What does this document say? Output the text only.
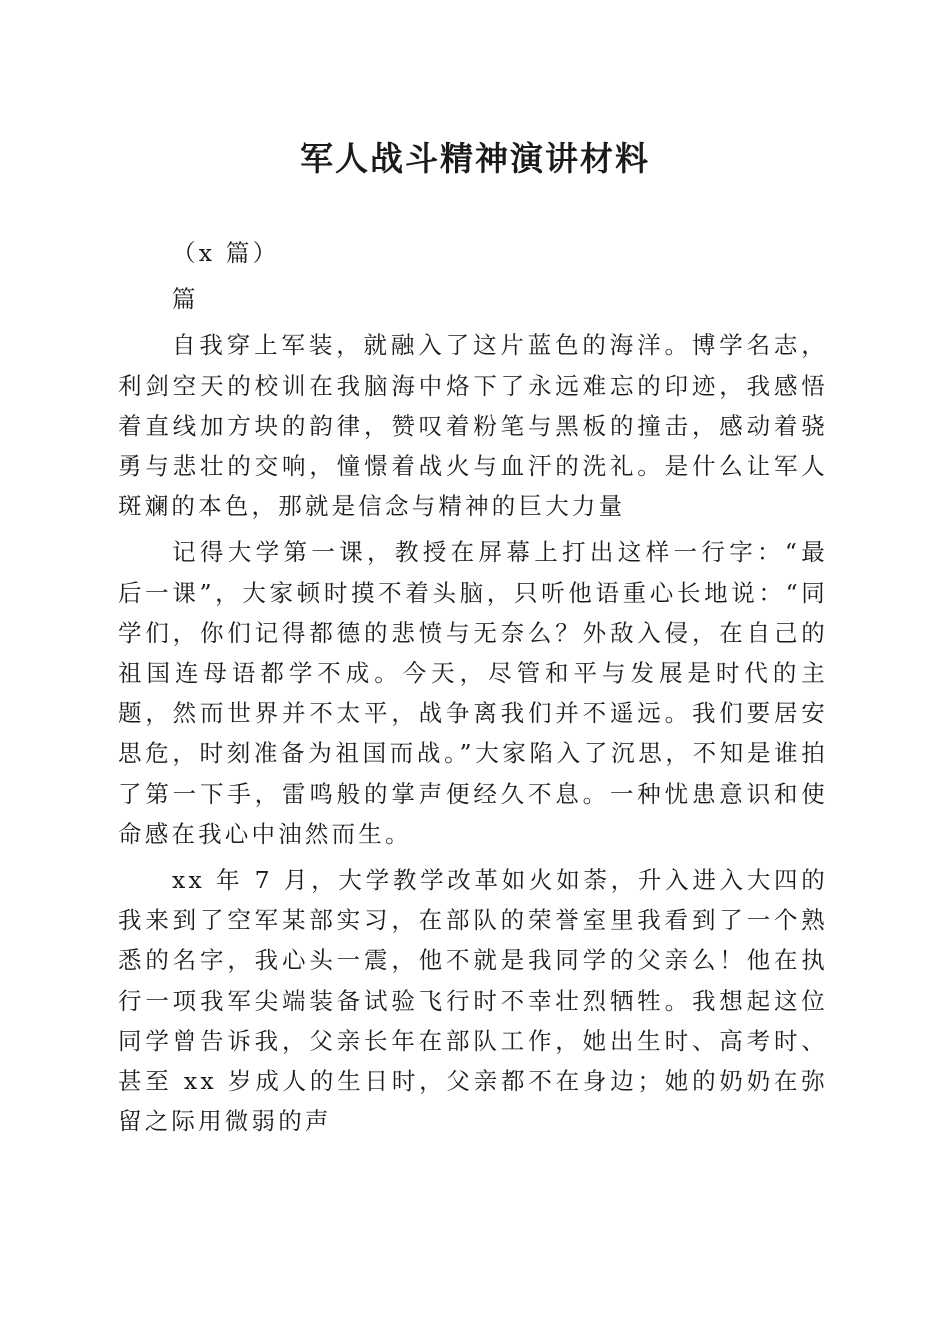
军人战斗精神演讲材料

（x 篇）

篇

自我穿上军装，就融入了这片蓝色的海洋。博学名志，利剑空天的校训在我脑海中烙下了永远难忘的印迹，我感悟着直线加方块的韵律，赞叹着粉笔与黑板的撞击，感动着骁勇与悲壮的交响，憧憬着战火与血汗的洗礼。是什么让军人斑斓的本色，那就是信念与精神的巨大力量

记得大学第一课，教授在屏幕上打出这样一行字：“最后一课”，大家顿时摸不着头脑，只听他语重心长地说：“同学们，你们记得都德的悲愤与无奈么？外敌入侵，在自己的祖国连母语都学不成。今天，尽管和平与发展是时代的主题，然而世界并不太平，战争离我们并不遥远。我们要居安思危，时刻准备为祖国而战。”大家陷入了沉思，不知是谁拍了第一下手，雷鸣般的掌声便经久不息。一种忧患意识和使命感在我心中油然而生。

xx 年 7 月，大学教学改革如火如荼，升入进入大四的我来到了空军某部实习，在部队的荣誉室里我看到了一个熟悉的名字，我心头一震，他不就是我同学的父亲么！他在执行一项我军尖端装备试验飞行时不幸壮烈牺牲。我想起这位同学曾告诉我，父亲长年在部队工作，她出生时、高考时、甚至 xx 岁成人的生日时，父亲都不在身边；她的奶奶在弥留之际用微弱的声
